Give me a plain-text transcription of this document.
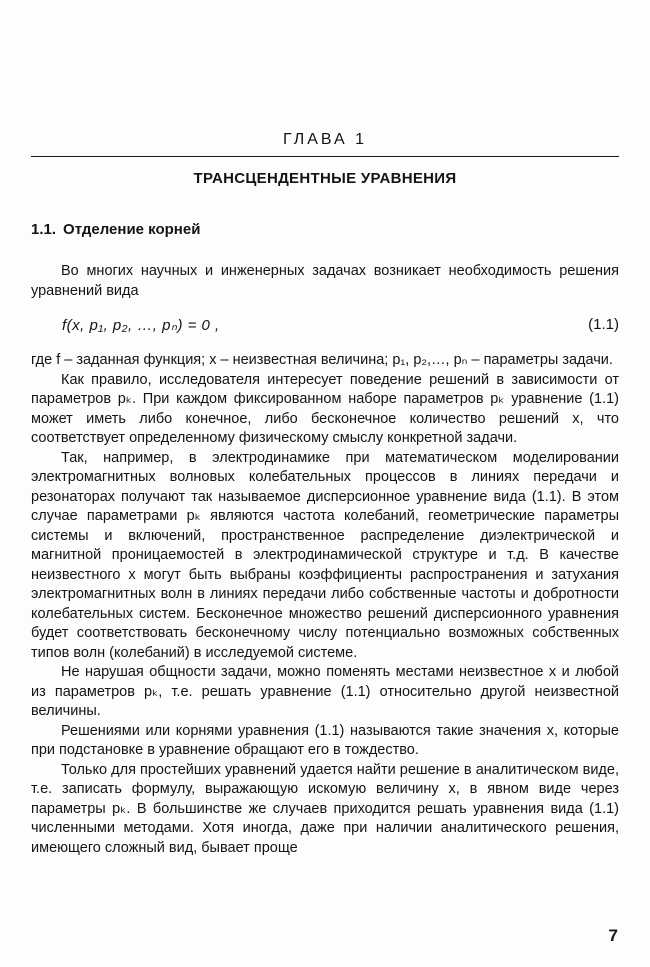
ГЛАВА 1
ТРАНСЦЕНДЕНТНЫЕ УРАВНЕНИЯ
1.1. Отделение корней

Во многих научных и инженерных задачах возникает необходимость решения уравнений вида

f(x, p₁, p₂, …, pₙ) = 0 ,	(1.1)

где f – заданная функция; x – неизвестная величина; p₁, p₂,…, pₙ – параметры задачи.

Как правило, исследователя интересует поведение решений в зависимости от параметров pₖ. При каждом фиксированном наборе параметров pₖ уравнение (1.1) может иметь либо конечное, либо бесконечное количество решений x, что соответствует определенному физическому смыслу конкретной задачи.

Так, например, в электродинамике при математическом моделировании электромагнитных волновых колебательных процессов в линиях передачи и резонаторах получают так называемое дисперсионное уравнение вида (1.1). В этом случае параметрами pₖ являются частота колебаний, геометрические параметры системы и включений, пространственное распределение диэлектрической и магнитной проницаемостей в электродинамической структуре и т.д. В качестве неизвестного x могут быть выбраны коэффициенты распространения и затухания электромагнитных волн в линиях передачи либо собственные частоты и добротности колебательных систем. Бесконечное множество решений дисперсионного уравнения будет соответствовать бесконечному числу потенциально возможных собственных типов волн (колебаний) в исследуемой системе.

Не нарушая общности задачи, можно поменять местами неизвестное x и любой из параметров pₖ, т.е. решать уравнение (1.1) относительно другой неизвестной величины.

Решениями или корнями уравнения (1.1) называются такие значения x, которые при подстановке в уравнение обращают его в тождество.

Только для простейших уравнений удается найти решение в аналитическом виде, т.е. записать формулу, выражающую искомую величину x, в явном виде через параметры pₖ. В большинстве же случаев приходится решать уравнения вида (1.1) численными методами. Хотя иногда, даже при наличии аналитического решения, имеющего сложный вид, бывает проще

7
